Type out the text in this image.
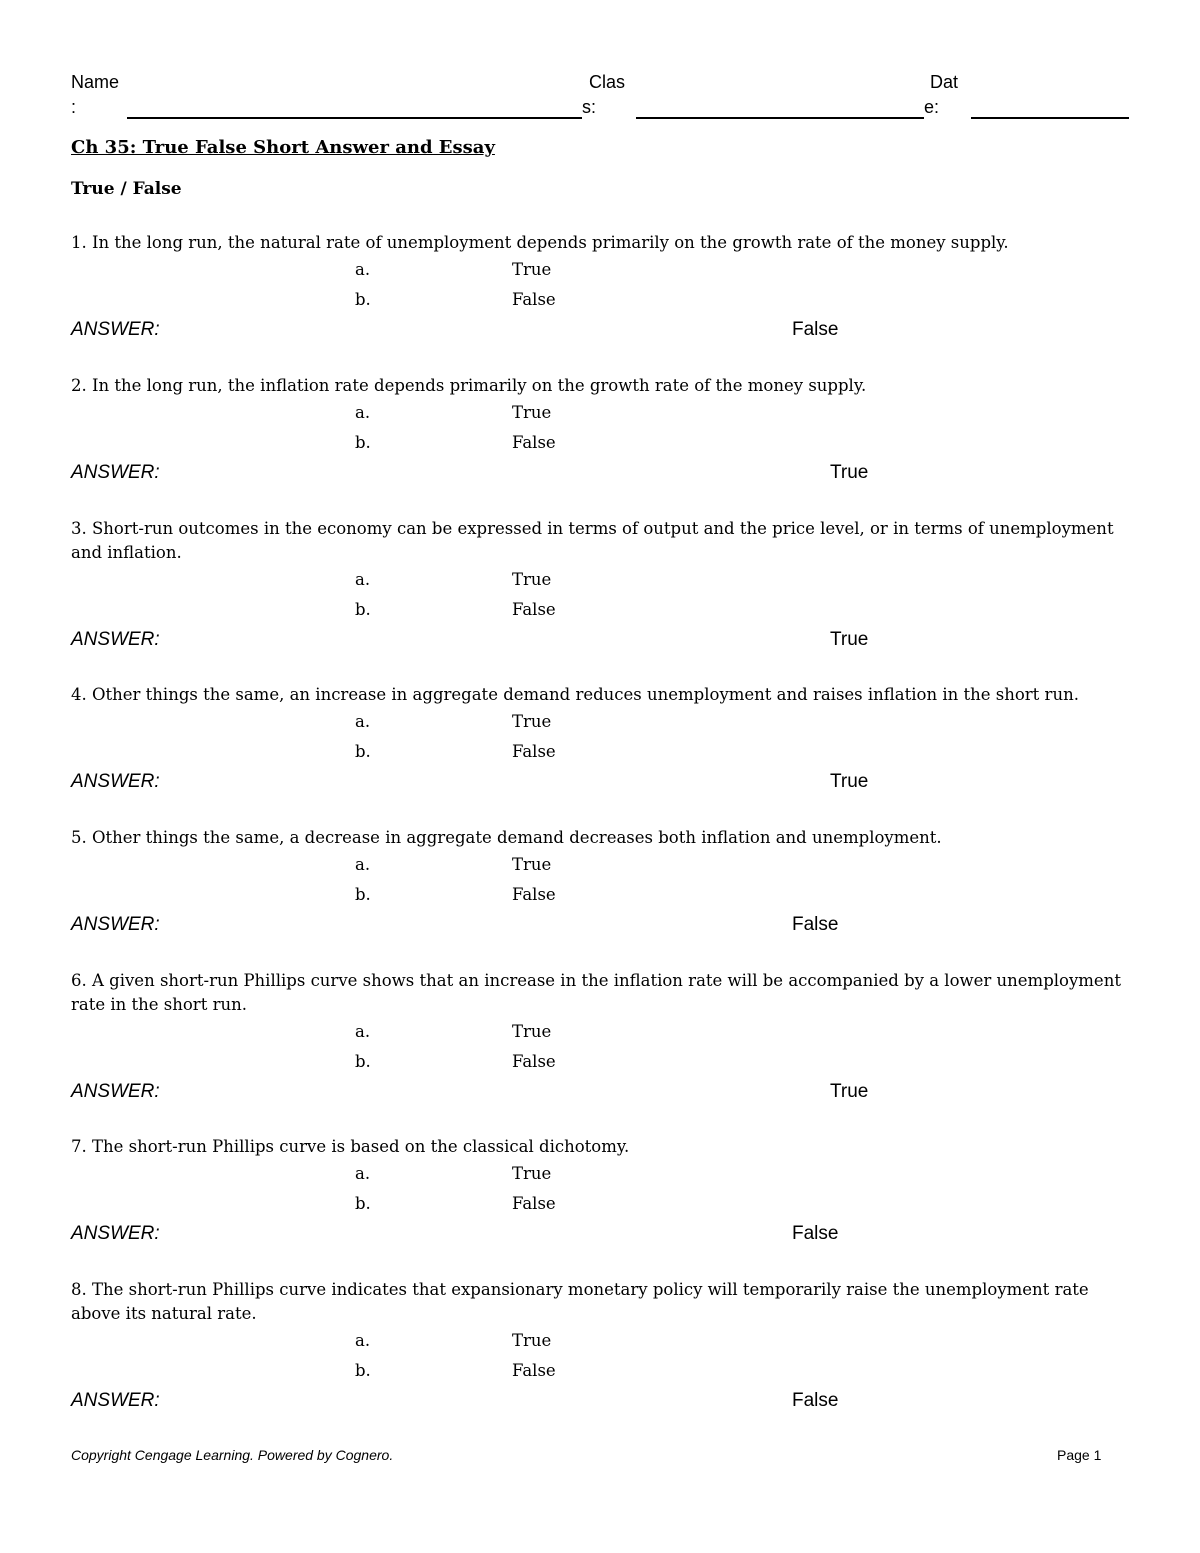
Name
:
Clas
s:
Dat
e:
Ch 35: True False Short Answer and Essay
True / False

1. In the long run, the natural rate of unemployment depends primarily on the growth rate of the money supply.

a.	True
b.	False
ANSWER:	False

2. In the long run, the inflation rate depends primarily on the growth rate of the money supply.

a.	True
b.	False
ANSWER:	True

3. Short-run outcomes in the economy can be expressed in terms of output and the price level, or in terms of unemployment and inflation.

a.	True
b.	False
ANSWER:	True

4. Other things the same, an increase in aggregate demand reduces unemployment and raises inflation in the short run.

a.	True
b.	False
ANSWER:	True

5. Other things the same, a decrease in aggregate demand decreases both inflation and unemployment.

a.	True
b.	False
ANSWER:	False

6. A given short-run Phillips curve shows that an increase in the inflation rate will be accompanied by a lower unemployment rate in the short run.

a.	True
b.	False
ANSWER:	True

7. The short-run Phillips curve is based on the classical dichotomy.

a.	True
b.	False
ANSWER:	False

8. The short-run Phillips curve indicates that expansionary monetary policy will temporarily raise the unemployment rate above its natural rate.

a.	True
b.	False
ANSWER:	False
Copyright Cengage Learning. Powered by Cognero.	Page 1
